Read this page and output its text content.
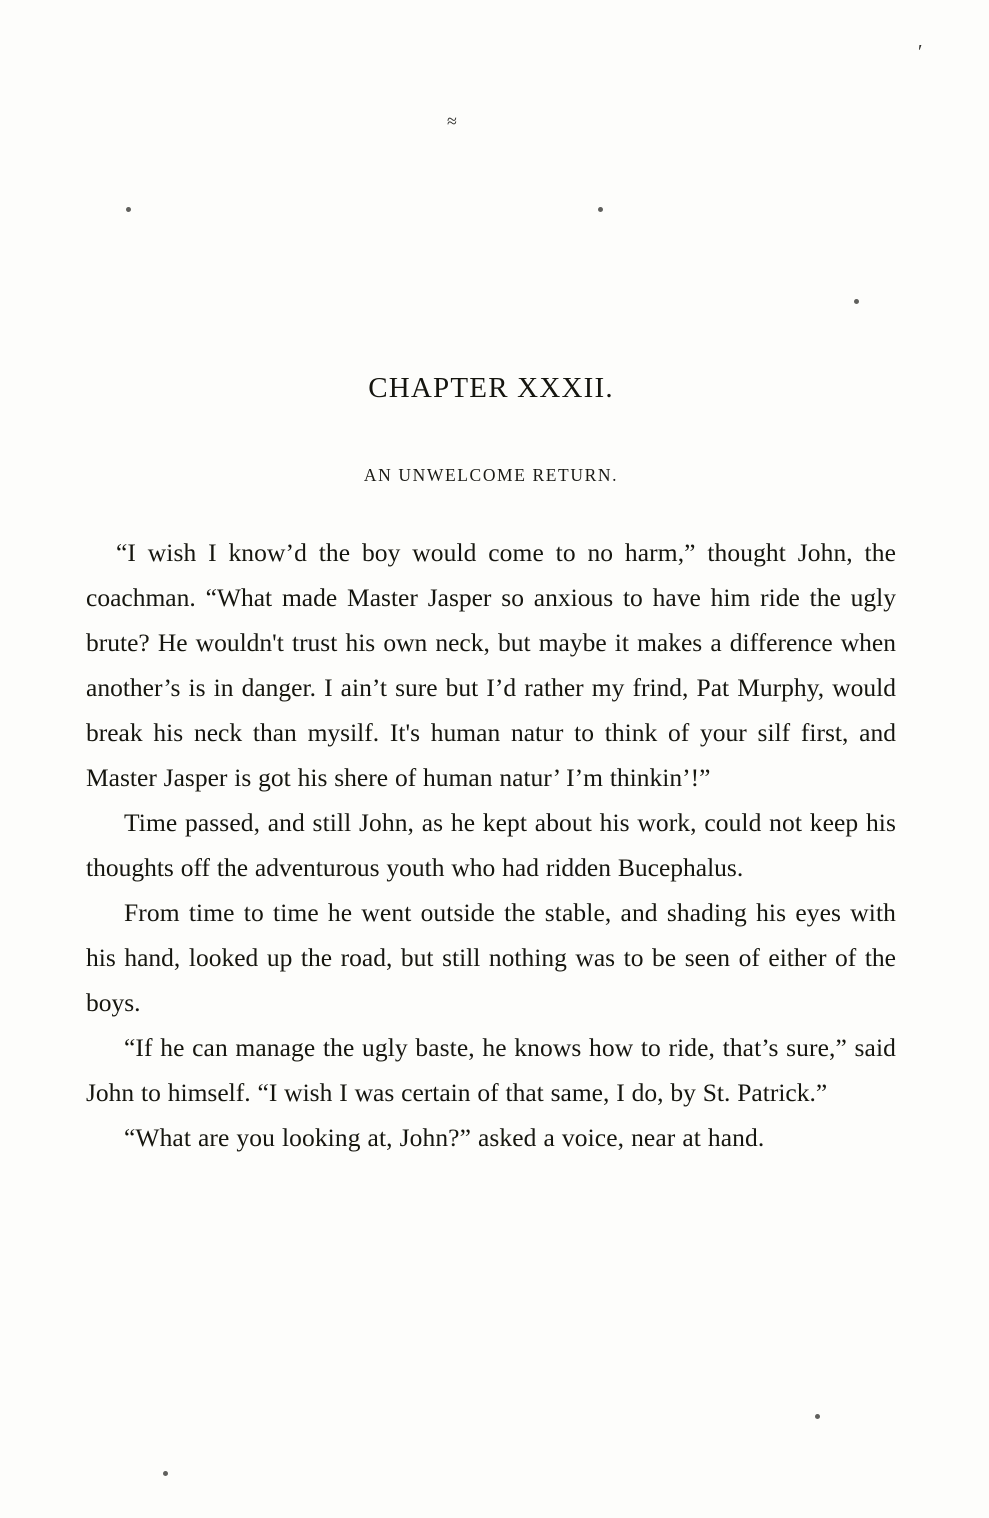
′
≈
CHAPTER XXXII.
AN UNWELCOME RETURN.

“I wish I know’d the boy would come to no harm,” thought John, the coachman. “What made Master Jasper so anxious to have him ride the ugly brute? He wouldn't trust his own neck, but maybe it makes a difference when another’s is in danger. I ain’t sure but I’d rather my frind, Pat Murphy, would break his neck than mysilf. It's human natur to think of your silf first, and Master Jasper is got his shere of human natur’ I’m thinkin’!”

Time passed, and still John, as he kept about his work, could not keep his thoughts off the adventurous youth who had ridden Bucephalus.

From time to time he went outside the stable, and shading his eyes with his hand, looked up the road, but still nothing was to be seen of either of the boys.

“If he can manage the ugly baste, he knows how to ride, that’s sure,” said John to himself. “I wish I was certain of that same, I do, by St. Patrick.”

“What are you looking at, John?” asked a voice, near at hand.
